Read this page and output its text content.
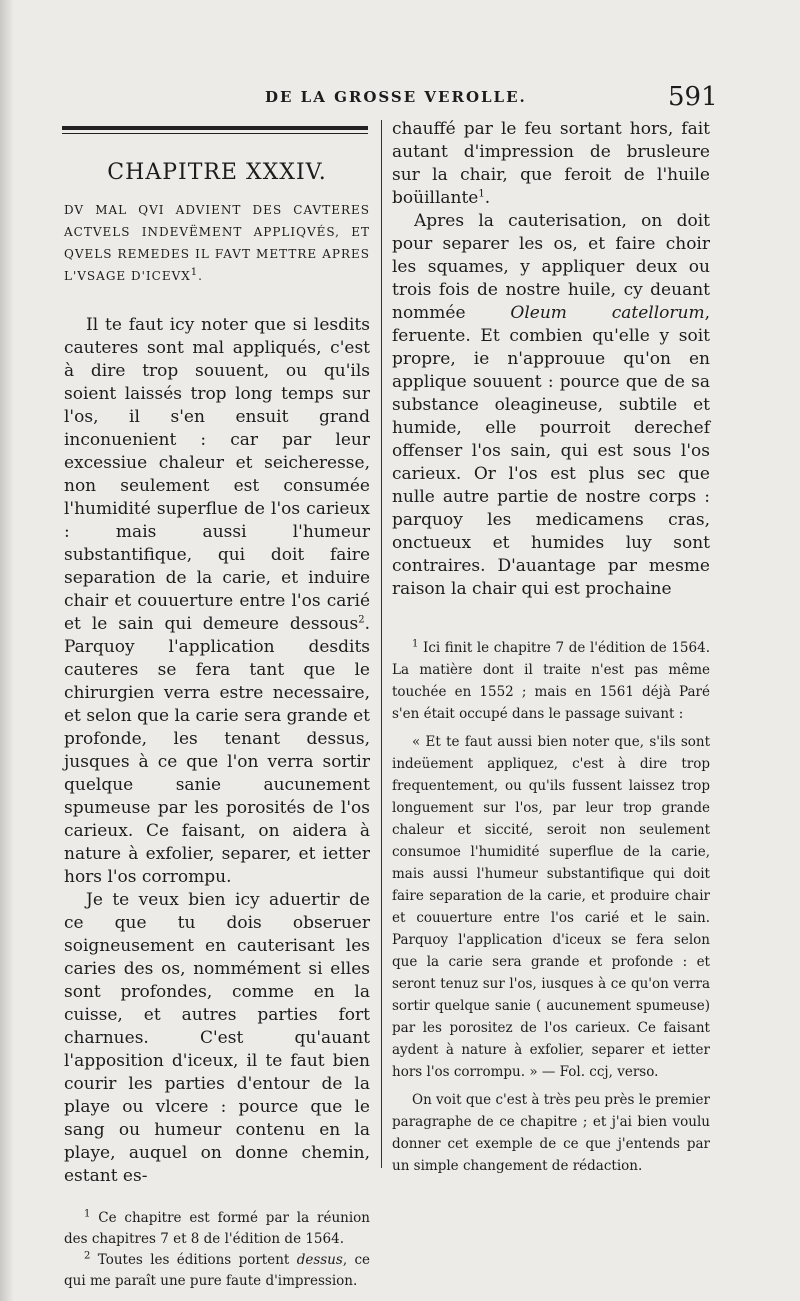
DE LA GROSSE VEROLLE.	591
CHAPITRE XXXIV.

DV MAL QVI ADVIENT DES CAVTERES ACTVELS INDEVËMENT APPLIQVÉS, ET QVELS REMEDES IL FAVT METTRE APRES L'VSAGE D'ICEVX$^1$.

Il te faut icy noter que si lesdits cauteres sont mal appliqués, c'est à dire trop souuent, ou qu'ils soient laissés trop long temps sur l'os, il s'en ensuit grand inconuenient : car par leur excessiue chaleur et seicheresse, non seulement est consumée l'humidité superflue de l'os carieux : mais aussi l'humeur substantifique, qui doit faire separation de la carie, et induire chair et couuerture entre l'os carié et le sain qui demeure dessous$^2$. Parquoy l'application desdits cauteres se fera tant que le chirurgien verra estre necessaire, et selon que la carie sera grande et profonde, les tenant dessus, jusques à ce que l'on verra sortir quelque sanie aucunement spumeuse par les porosités de l'os carieux. Ce faisant, on aidera à nature à exfolier, separer, et ietter hors l'os corrompu.

Je te veux bien icy aduertir de ce que tu dois obseruer soigneusement en cauterisant les caries des os, nommément si elles sont profondes, comme en la cuisse, et autres parties fort charnues. C'est qu'auant l'apposition d'iceux, il te faut bien courir les parties d'entour de la playe ou vlcere : pource que le sang ou humeur contenu en la playe, auquel on donne chemin, estant es-

$^1$ Ce chapitre est formé par la réunion des chapitres 7 et 8 de l'édition de 1564.

$^2$ Toutes les éditions portent dessus, ce qui me paraît une pure faute d'impression.

chauffé par le feu sortant hors, fait autant d'impression de brusleure sur la chair, que feroit de l'huile boüillante$^1$.

Apres la cauterisation, on doit pour separer les os, et faire choir les squames, y appliquer deux ou trois fois de nostre huile, cy deuant nommée Oleum catellorum, feruente. Et combien qu'elle y soit propre, ie n'approuue qu'on en applique souuent : pource que de sa substance oleagineuse, subtile et humide, elle pourroit derechef offenser l'os sain, qui est sous l'os carieux. Or l'os est plus sec que nulle autre partie de nostre corps : parquoy les medicamens cras, onctueux et humides luy sont contraires. D'auantage par mesme raison la chair qui est prochaine

$^1$ Ici finit le chapitre 7 de l'édition de 1564. La matière dont il traite n'est pas même touchée en 1552 ; mais en 1561 déjà Paré s'en était occupé dans le passage suivant :

« Et te faut aussi bien noter que, s'ils sont indeüement appliquez, c'est à dire trop frequentement, ou qu'ils fussent laissez trop longuement sur l'os, par leur trop grande chaleur et siccité, seroit non seulement consumoe l'humidité superflue de la carie, mais aussi l'humeur substantifique qui doit faire separation de la carie, et produire chair et couuerture entre l'os carié et le sain. Parquoy l'application d'iceux se fera selon que la carie sera grande et profonde : et seront tenuz sur l'os, iusques à ce qu'on verra sortir quelque sanie ( aucunement spumeuse) par les porositez de l'os carieux. Ce faisant aydent à nature à exfolier, separer et ietter hors l'os corrompu. » — Fol. ccj, verso.

On voit que c'est à très peu près le premier paragraphe de ce chapitre ; et j'ai bien voulu donner cet exemple de ce que j'entends par un simple changement de rédaction.
